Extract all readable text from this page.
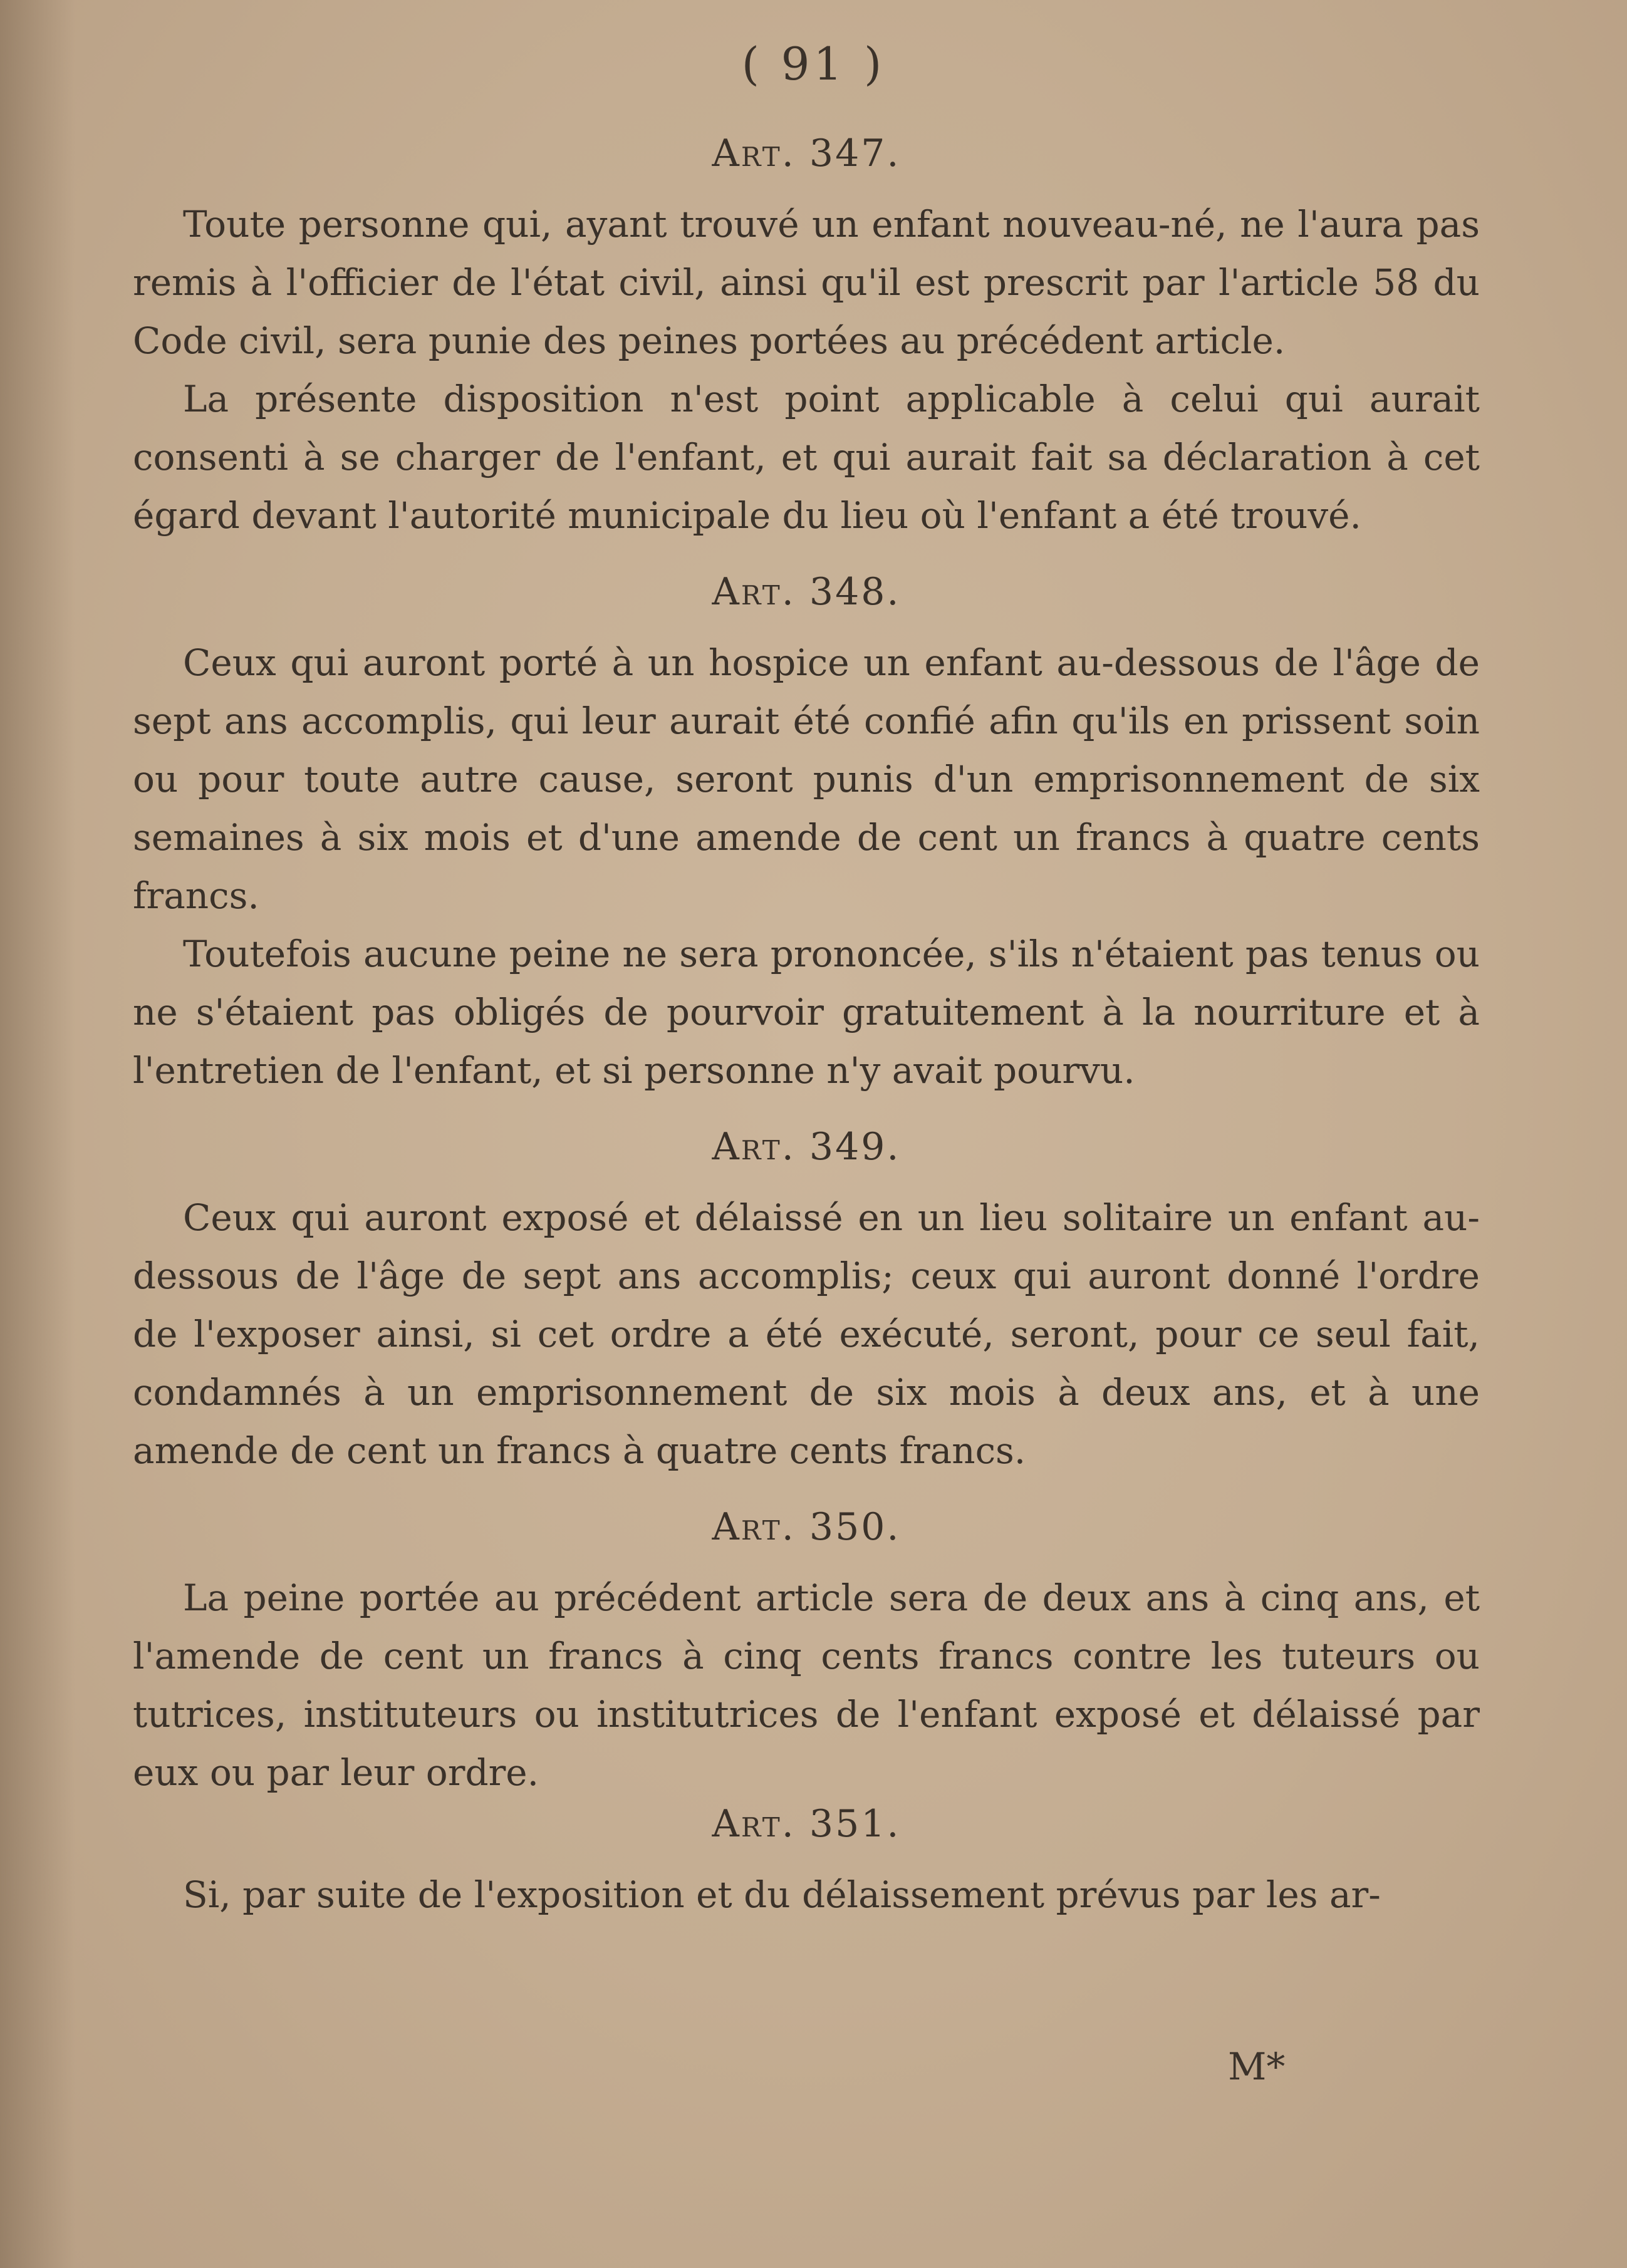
( 91 )
Art. 347.

Toute personne qui, ayant trouvé un enfant nouveau-né, ne l'aura pas remis à l'officier de l'état civil, ainsi qu'il est prescrit par l'article 58 du Code civil, sera punie des peines portées au précédent article.

La présente disposition n'est point applicable à celui qui aurait consenti à se charger de l'enfant, et qui aurait fait sa déclaration à cet égard devant l'autorité municipale du lieu où l'enfant a été trouvé.

Art. 348.

Ceux qui auront porté à un hospice un enfant au-dessous de l'âge de sept ans accomplis, qui leur aurait été confié afin qu'ils en prissent soin ou pour toute autre cause, seront punis d'un emprisonnement de six semaines à six mois et d'une amende de cent un francs à quatre cents francs.

Toutefois aucune peine ne sera prononcée, s'ils n'étaient pas tenus ou ne s'étaient pas obligés de pourvoir gratuitement à la nourriture et à l'entretien de l'enfant, et si personne n'y avait pourvu.

Art. 349.

Ceux qui auront exposé et délaissé en un lieu solitaire un enfant au-dessous de l'âge de sept ans accomplis; ceux qui auront donné l'ordre de l'exposer ainsi, si cet ordre a été exécuté, seront, pour ce seul fait, condamnés à un emprisonnement de six mois à deux ans, et à une amende de cent un francs à quatre cents francs.

Art. 350.

La peine portée au précédent article sera de deux ans à cinq ans, et l'amende de cent un francs à cinq cents francs contre les tuteurs ou tutrices, instituteurs ou institutrices de l'enfant exposé et délaissé par eux ou par leur ordre.

Art. 351.

Si, par suite de l'exposition et du délaissement prévus par les ar-

M*
